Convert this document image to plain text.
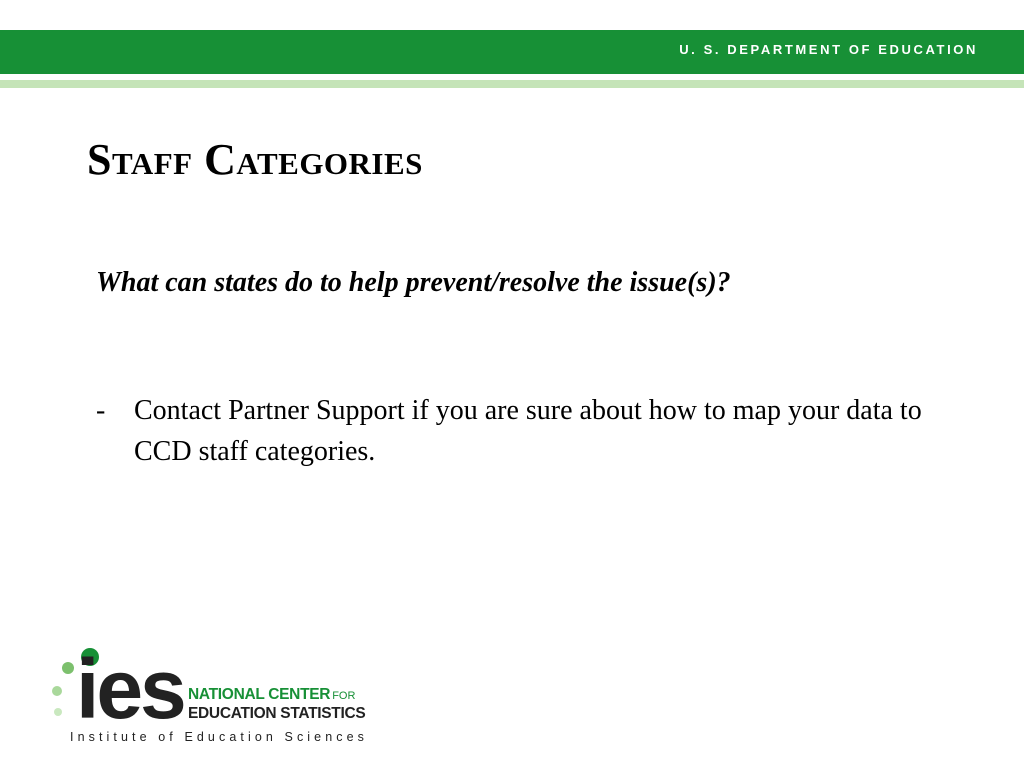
U. S. DEPARTMENT OF EDUCATION
Staff Categories

What can states do to help prevent/resolve the issue(s)?

- Contact Partner Support if you are sure about how to map your data to CCD staff categories.
ies NATIONAL CENTER FOR
EDUCATION STATISTICS
Institute of Education Sciences
